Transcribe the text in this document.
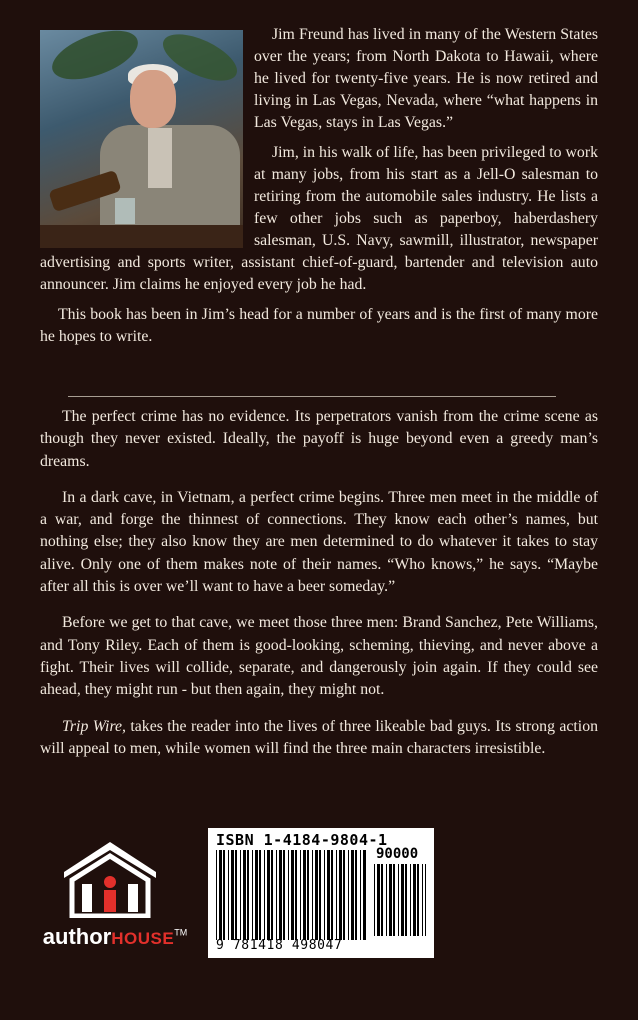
Jim Freund has lived in many of the Western States over the years; from North Dakota to Hawaii, where he lived for twenty-five years. He is now retired and living in Las Vegas, Nevada, where “what happens in Las Vegas, stays in Las Vegas.”

Jim, in his walk of life, has been privileged to work at many jobs, from his start as a Jell-O salesman to retiring from the automobile sales industry. He lists a few other jobs such as paperboy, haberdashery salesman, U.S. Navy, sawmill, illustrator, newspaper advertising and sports writer, assistant chief-of-guard, bartender and television auto announcer. Jim claims he enjoyed every job he had.

This book has been in Jim’s head for a number of years and is the first of many more he hopes to write.

The perfect crime has no evidence. Its perpetrators vanish from the crime scene as though they never existed. Ideally, the payoff is huge beyond even a greedy man’s dreams.

In a dark cave, in Vietnam, a perfect crime begins. Three men meet in the middle of a war, and forge the thinnest of connections. They know each other’s names, but nothing else; they also know they are men determined to do whatever it takes to stay alive. Only one of them makes note of their names. “Who knows,” he says. “Maybe after all this is over we’ll want to have a beer someday.”

Before we get to that cave, we meet those three men: Brand Sanchez, Pete Williams, and Tony Riley. Each of them is good-looking, scheming, thieving, and never above a fight. Their lives will collide, separate, and dangerously join again. If they could see ahead, they might run - but then again, they might not.

Trip Wire, takes the reader into the lives of three likeable bad guys. Its strong action will appeal to men, while women will find the three main characters irresistible.

authorHOUSE™
ISBN 1-4184-9804-1
90000
9 781418 498047
